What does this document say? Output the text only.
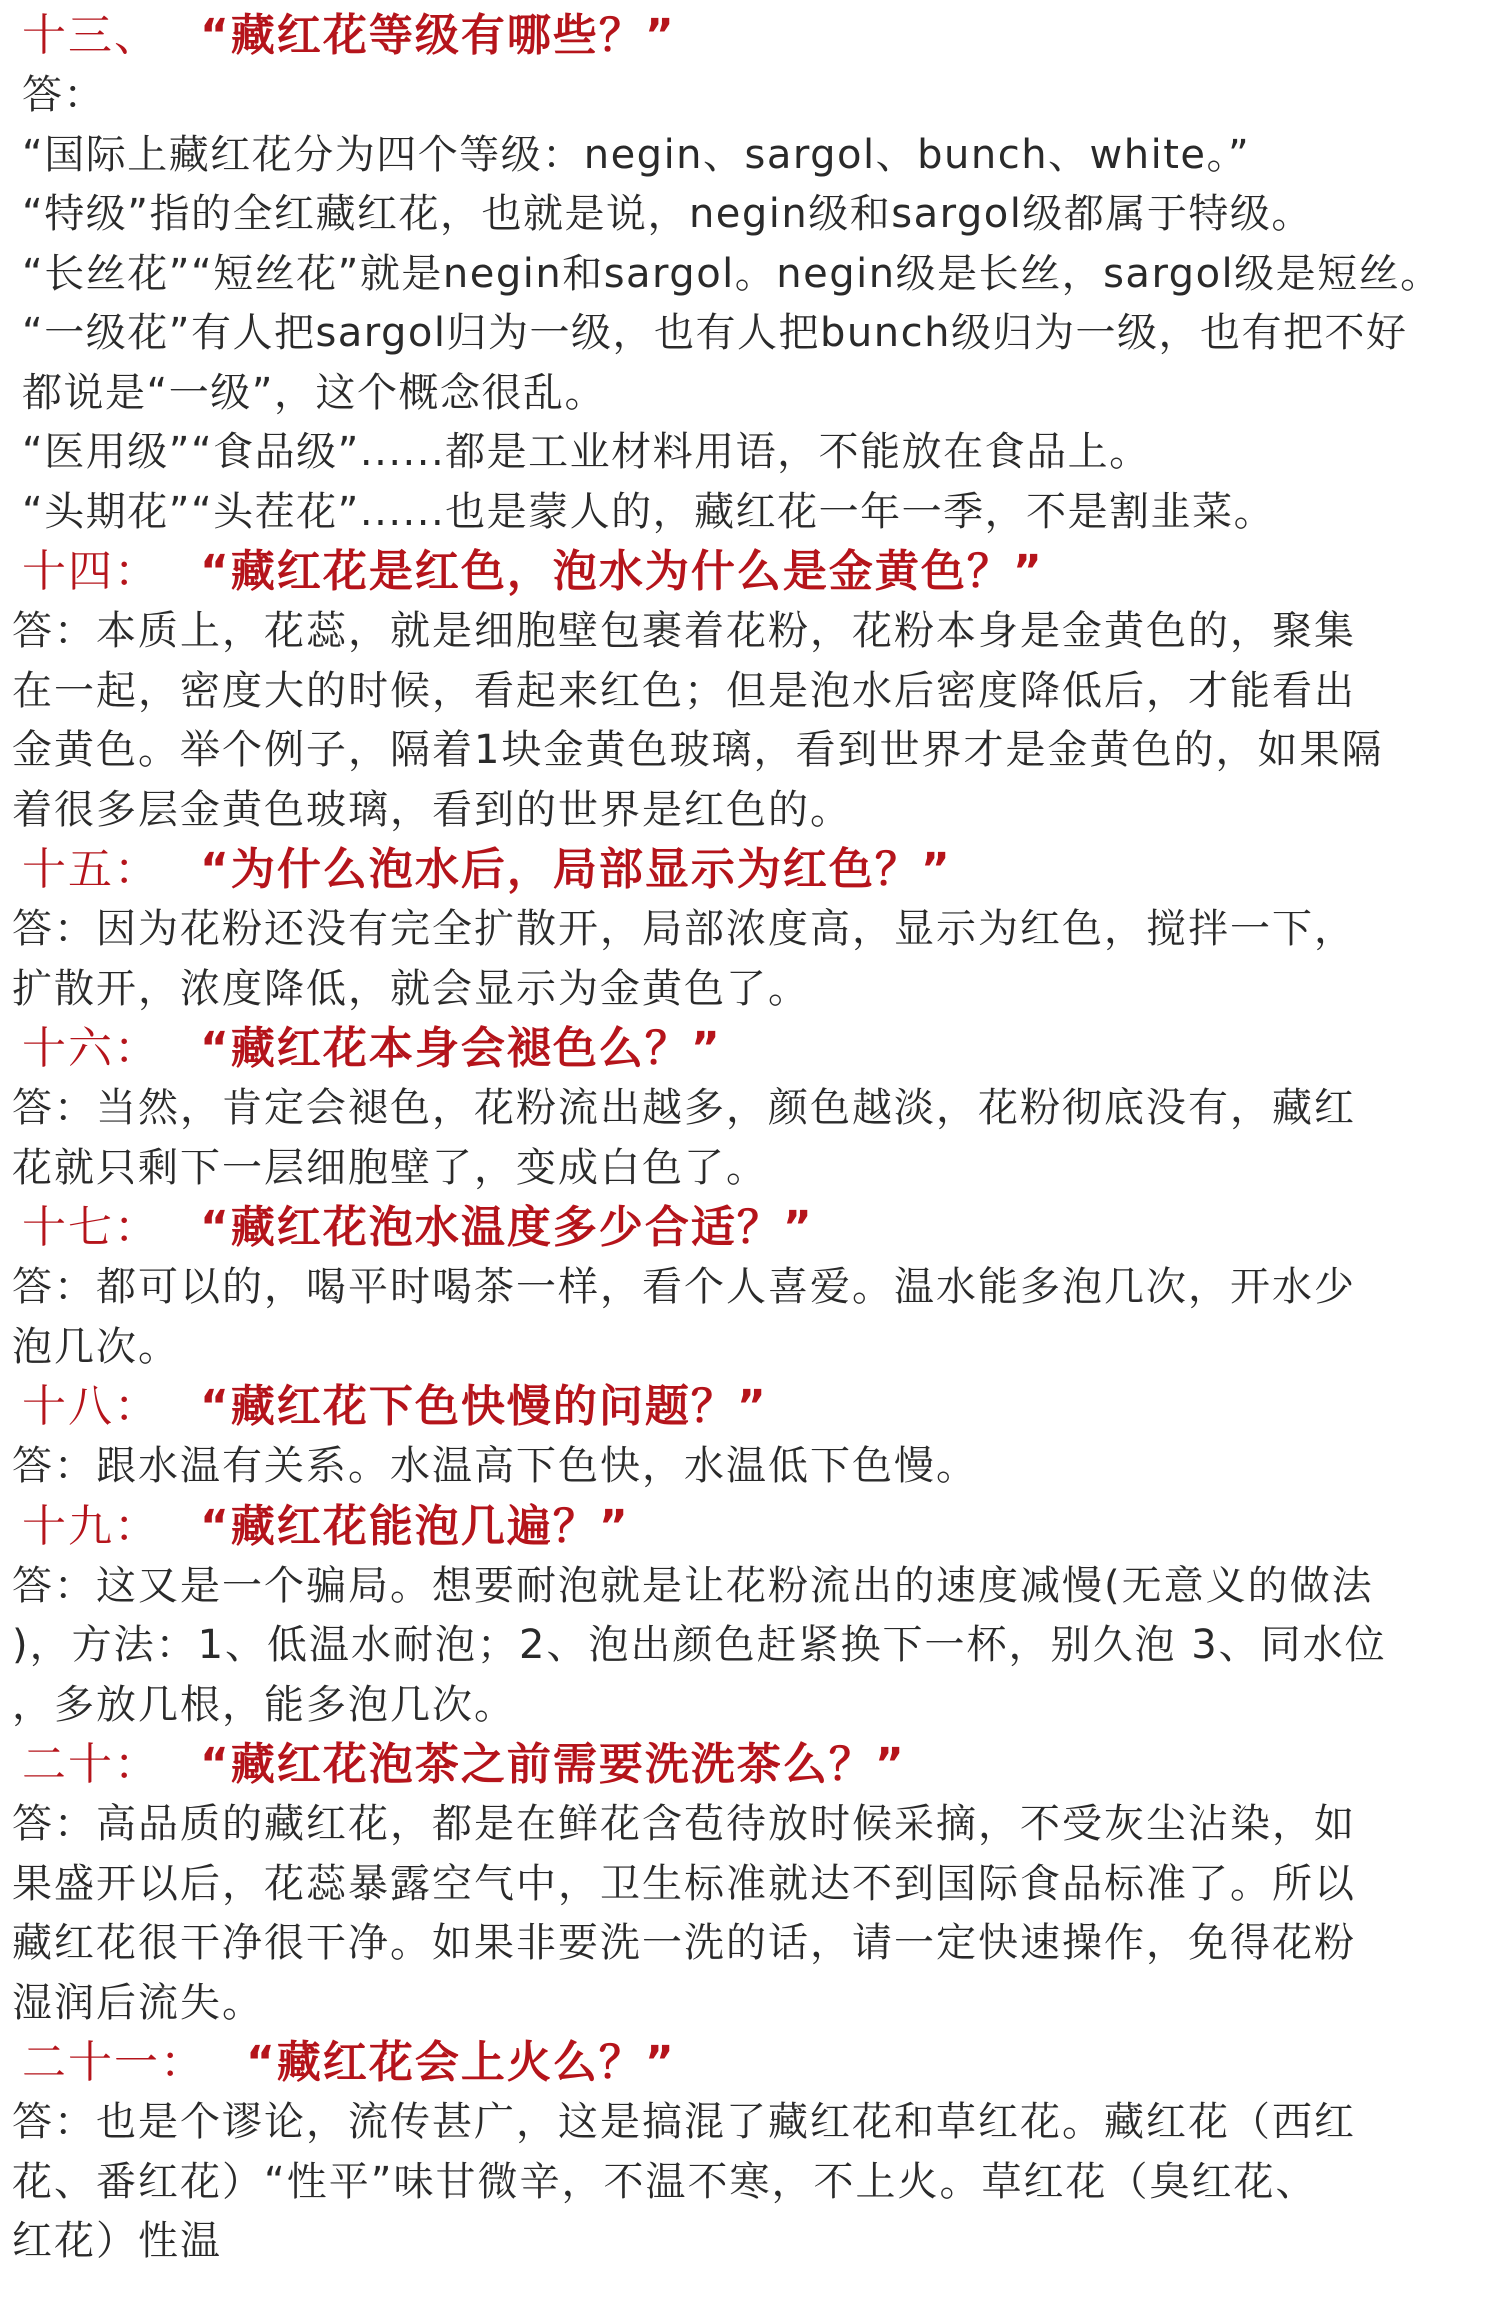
十三、 “藏红花等级有哪些？”
答：
“国际上藏红花分为四个等级：negin、sargol、bunch、white。”
“特级”指的全红藏红花，也就是说，negin级和sargol级都属于特级。
“长丝花”“短丝花”就是negin和sargol。negin级是长丝，sargol级是短丝。
“一级花”有人把sargol归为一级，也有人把bunch级归为一级，也有把不好
都说是“一级”，这个概念很乱。
“医用级”“食品级”......都是工业材料用语，不能放在食品上。
“头期花”“头茬花”......也是蒙人的，藏红花一年一季，不是割韭菜。
十四： “藏红花是红色，泡水为什么是金黄色？”
答：本质上，花蕊，就是细胞壁包裹着花粉，花粉本身是金黄色的，聚集
在一起，密度大的时候，看起来红色；但是泡水后密度降低后，才能看出
金黄色。举个例子，隔着1块金黄色玻璃，看到世界才是金黄色的，如果隔
着很多层金黄色玻璃，看到的世界是红色的。
十五： “为什么泡水后，局部显示为红色？”
答：因为花粉还没有完全扩散开，局部浓度高，显示为红色，搅拌一下，
扩散开，浓度降低，就会显示为金黄色了。
十六： “藏红花本身会褪色么？”
答：当然，肯定会褪色，花粉流出越多，颜色越淡，花粉彻底没有，藏红
花就只剩下一层细胞壁了，变成白色了。
十七： “藏红花泡水温度多少合适？”
答：都可以的，喝平时喝茶一样，看个人喜爱。温水能多泡几次，开水少
泡几次。
十八： “藏红花下色快慢的问题？”
答：跟水温有关系。水温高下色快，水温低下色慢。
十九： “藏红花能泡几遍？”
答：这又是一个骗局。想要耐泡就是让花粉流出的速度减慢(无意义的做法
)，方法：1、低温水耐泡；2、泡出颜色赶紧换下一杯，别久泡 3、同水位
，多放几根，能多泡几次。
二十： “藏红花泡茶之前需要洗洗茶么？”
答：高品质的藏红花，都是在鲜花含苞待放时候采摘，不受灰尘沾染，如
果盛开以后，花蕊暴露空气中，卫生标准就达不到国际食品标准了。所以
藏红花很干净很干净。如果非要洗一洗的话，请一定快速操作，免得花粉
湿润后流失。
二十一： “藏红花会上火么？”
答：也是个谬论，流传甚广，这是搞混了藏红花和草红花。藏红花（西红
花、番红花）“性平”味甘微辛，不温不寒，不上火。草红花（臭红花、
红花）性温
